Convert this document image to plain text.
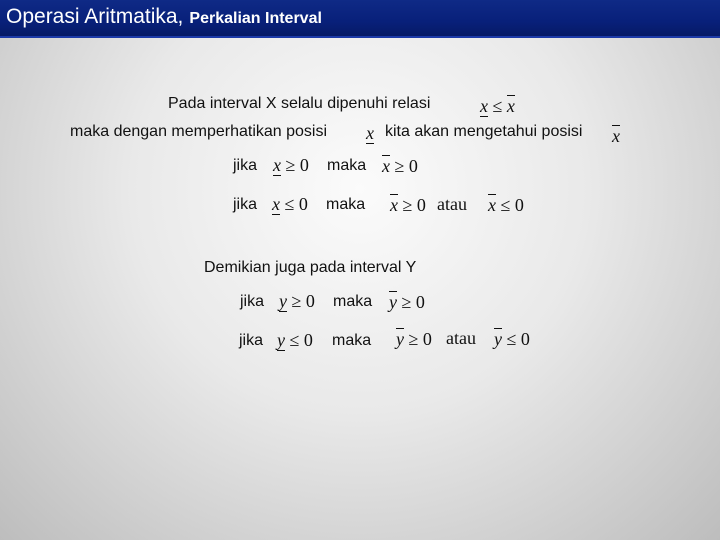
Operasi Aritmatika, Perkalian Interval
Pada interval X selalu dipenuhi relasi	x ≤ x
maka dengan memperhatikan posisi x kita akan mengetahui posisi x
jika x ≥ 0 maka x ≥ 0
jika x ≤ 0 maka x ≥ 0 atau x ≤ 0
Demikian juga pada interval Y
jika y ≥ 0 maka y ≥ 0
jika y ≤ 0 maka y ≥ 0 atau y ≤ 0
